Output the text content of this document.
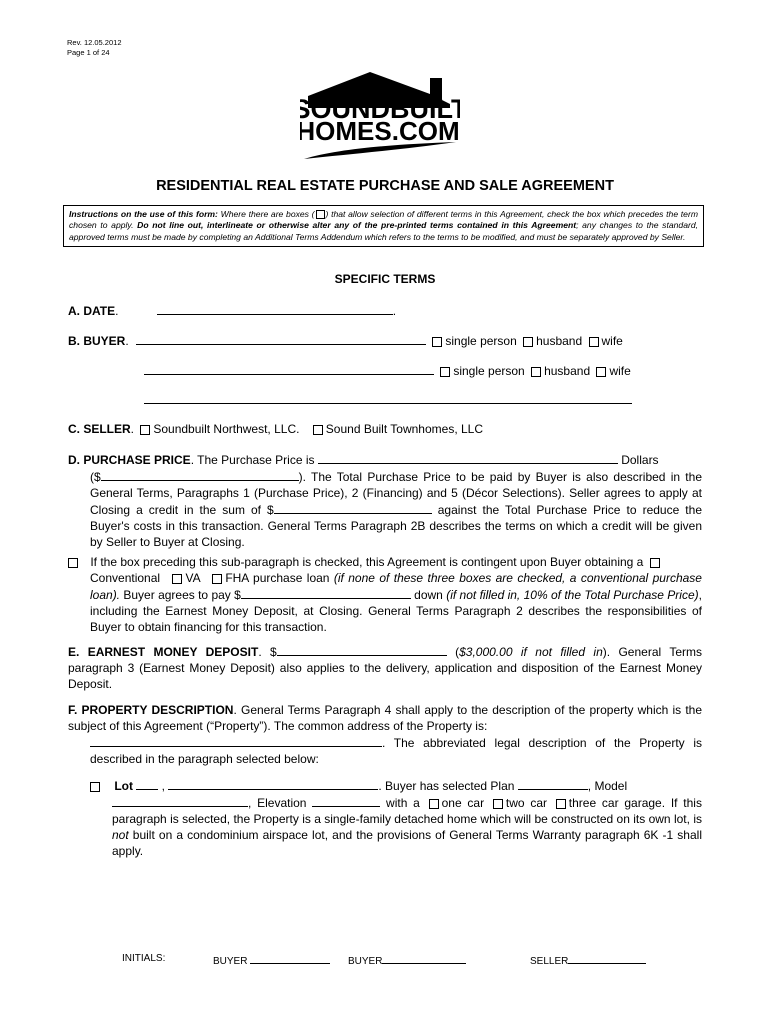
Rev. 12.05.2012
Page 1 of 24
SOUNDBUILT
HOMES.COM
RESIDENTIAL REAL ESTATE PURCHASE AND SALE AGREEMENT
Instructions on the use of this form: Where there are boxes ( ) that allow selection of different terms in this Agreement, check the box which precedes the term chosen to apply. Do not line out, interlineate or otherwise alter any of the pre-printed terms contained in this Agreement; any changes to the standard, approved terms must be made by completing an Additional Terms Addendum which refers to the terms to be modified, and must be separately approved by Seller.
SPECIFIC TERMS
A. DATE.	.
B. BUYER.	single person husband wife
single person husband wife
C. SELLER. Soundbuilt Northwest, LLC. Sound Built Townhomes, LLC
D. PURCHASE PRICE. The Purchase Price is	Dollars
($	). The Total Purchase Price to be paid by Buyer is also described in the General Terms, Paragraphs 1 (Purchase Price), 2 (Financing) and 5 (Décor Selections). Seller agrees to apply at Closing a credit in the sum of $	against the Total Purchase Price to reduce the Buyer's costs in this transaction. General Terms Paragraph 2B describes the terms on which a credit will be given by Seller to Buyer at Closing.
If the box preceding this sub-paragraph is checked, this Agreement is contingent upon Buyer obtaining a
Conventional VA FHA purchase loan (if none of these three boxes are checked, a conventional purchase loan). Buyer agrees to pay $	down (if not filled in, 10% of the Total Purchase Price), including the Earnest Money Deposit, at Closing. General Terms Paragraph 2 describes the responsibilities of Buyer to obtain financing for this transaction.
E. EARNEST MONEY DEPOSIT. $	($3,000.00 if not filled in). General Terms paragraph 3 (Earnest Money Deposit) also applies to the delivery, application and disposition of the Earnest Money Deposit.
F. PROPERTY DESCRIPTION. General Terms Paragraph 4 shall apply to the description of the property which is the subject of this Agreement (“Property”). The common address of the Property is:
. The abbreviated legal description of the Property is described in the paragraph selected below:
Lot  ,	. Buyer has selected Plan	, Model
, Elevation	with a one car two car three car garage. If this paragraph is selected, the Property is a single-family detached home which will be constructed on its own lot, is not built on a condominium airspace lot, and the provisions of General Terms Warranty paragraph 6K -1 shall apply.
INITIALS:	BUYER	BUYER	SELLER
